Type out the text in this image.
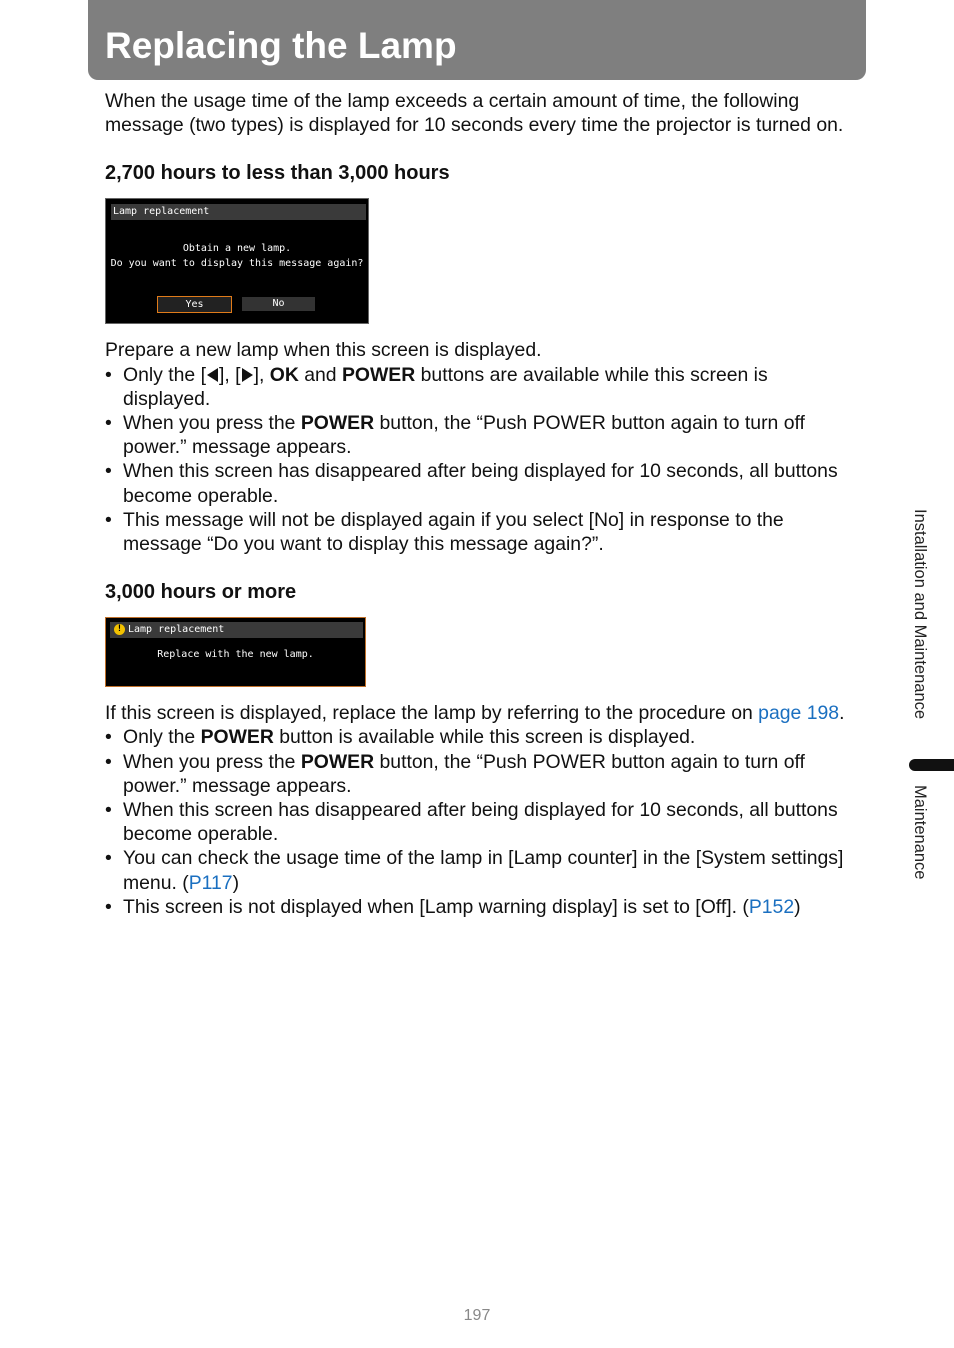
Replacing the Lamp

When the usage time of the lamp exceeds a certain amount of time, the following message (two types) is displayed for 10 seconds every time the projector is turned on.

2,700 hours to less than 3,000 hours
Lamp replacement
Obtain a new lamp.
Do you want to display this message again?
Yes	No

Prepare a new lamp when this screen is displayed.

• Only the [ ], [ ], OK and POWER buttons are available while this screen is displayed.
• When you press the POWER button, the “Push POWER button again to turn off power.” message appears.
• When this screen has disappeared after being displayed for 10 seconds, all buttons become operable.
• This message will not be displayed again if you select [No] in response to the message “Do you want to display this message again?”.
3,000 hours or more
! Lamp replacement
Replace with the new lamp.

If this screen is displayed, replace the lamp by referring to the procedure on page 198.

• Only the POWER button is available while this screen is displayed.
• When you press the POWER button, the “Push POWER button again to turn off power.” message appears.
• When this screen has disappeared after being displayed for 10 seconds, all buttons become operable.
• You can check the usage time of the lamp in [Lamp counter] in the [System settings] menu. (P117)
• This screen is not displayed when [Lamp warning display] is set to [Off]. (P152)
Installation and Maintenance
Maintenance
197
